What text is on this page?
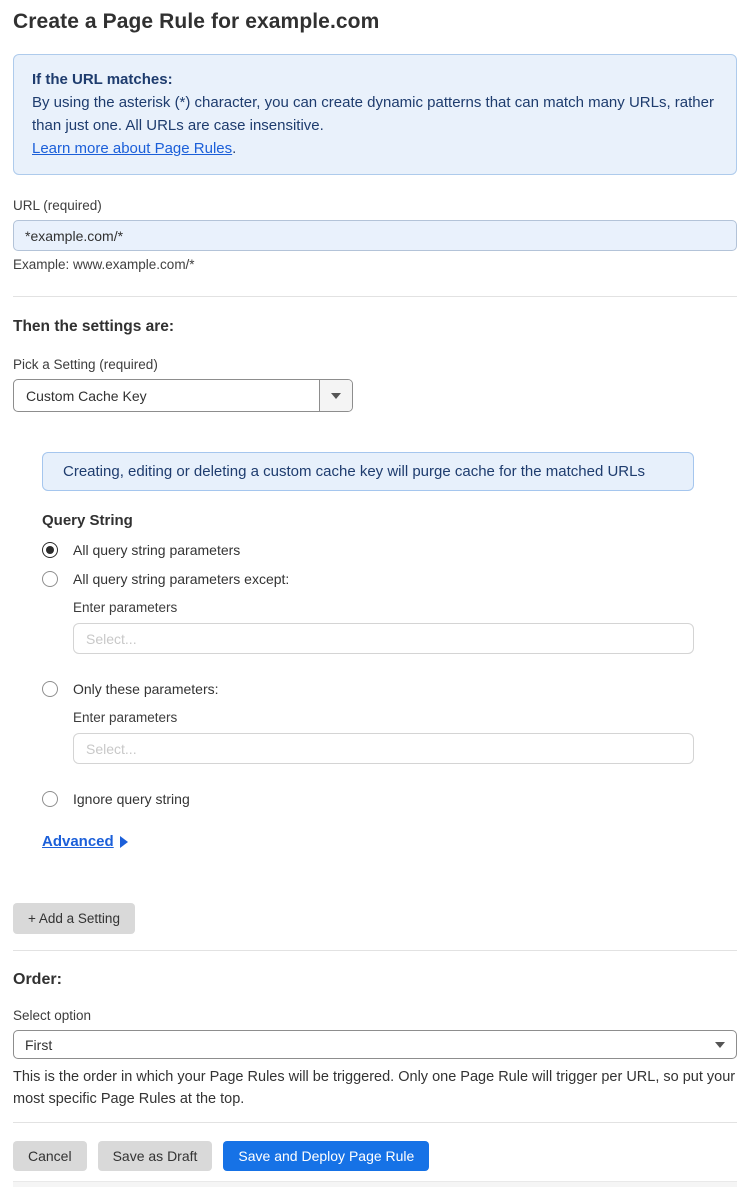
Create a Page Rule for example.com
If the URL matches:
By using the asterisk (*) character, you can create dynamic patterns that can match many URLs, rather than just one. All URLs are case insensitive.
Learn more about Page Rules.
URL (required)
*example.com/*
Example: www.example.com/*
Then the settings are:
Pick a Setting (required)
Custom Cache Key
Creating, editing or deleting a custom cache key will purge cache for the matched URLs
Query String
All query string parameters
All query string parameters except:
Enter parameters
Select...
Only these parameters:
Enter parameters
Select...
Ignore query string
Advanced
+ Add a Setting
Order:
Select option
First
This is the order in which your Page Rules will be triggered. Only one Page Rule will trigger per URL, so put your most specific Page Rules at the top.
Cancel	Save as Draft	Save and Deploy Page Rule
